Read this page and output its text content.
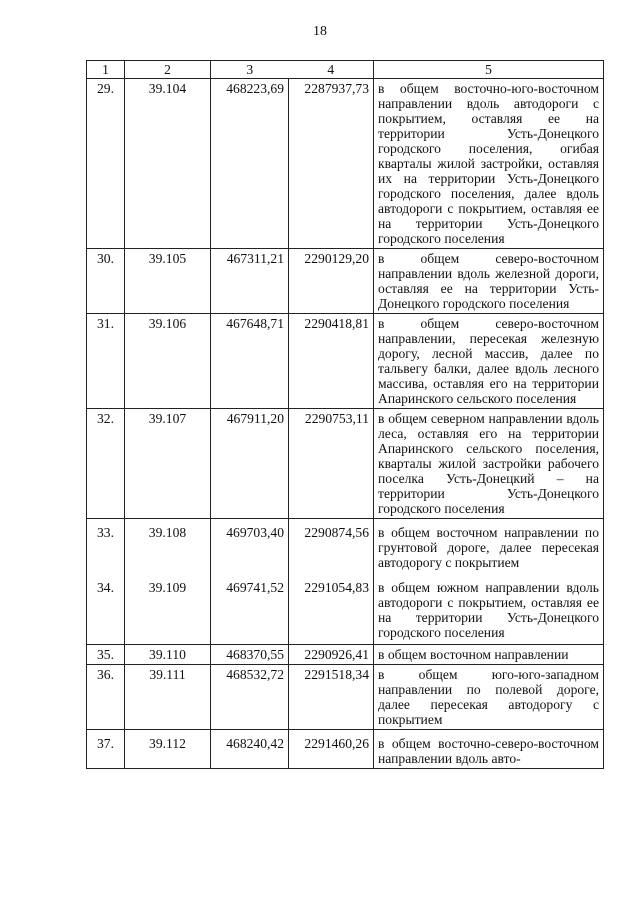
18
1	2	3	4	5
29.	39.104	468223,69	2287937,73	в общем восточно-юго-восточном направлении вдоль автодороги с покрытием, оставляя ее на территории Усть-Донецкого городского поселения, огибая кварталы жилой застройки, оставляя их на территории Усть-Донецкого городского поселения, далее вдоль автодороги с покрытием, оставляя ее на территории Усть-Донецкого городского поселения
30.	39.105	467311,21	2290129,20	в общем северо-восточном направлении вдоль железной дороги, оставляя ее на территории Усть-Донецкого городского поселения
31.	39.106	467648,71	2290418,81	в общем северо-восточном направлении, пересекая железную дорогу, лесной массив, далее по тальвегу балки, далее вдоль лесного массива, оставляя его на территории Апаринского сельского поселения
32.	39.107	467911,20	2290753,11	в общем северном направлении вдоль леса, оставляя его на территории Апаринского сельского поселения, кварталы жилой застройки рабочего поселка Усть-Донецкий – на территории Усть-Донецкого городского поселения
33.	39.108	469703,40	2290874,56	в общем восточном направлении по грунтовой дороге, далее пересекая автодорогу с покрытием
34.	39.109	469741,52	2291054,83	в общем южном направлении вдоль автодороги с покрытием, оставляя ее на территории Усть-Донецкого городского поселения
35.	39.110	468370,55	2290926,41	в общем восточном направлении
36.	39.111	468532,72	2291518,34	в общем юго-юго-западном направлении по полевой дороге, далее пересекая автодорогу с покрытием
37.	39.112	468240,42	2291460,26	в общем восточно-северо-восточном направлении вдоль авто-
